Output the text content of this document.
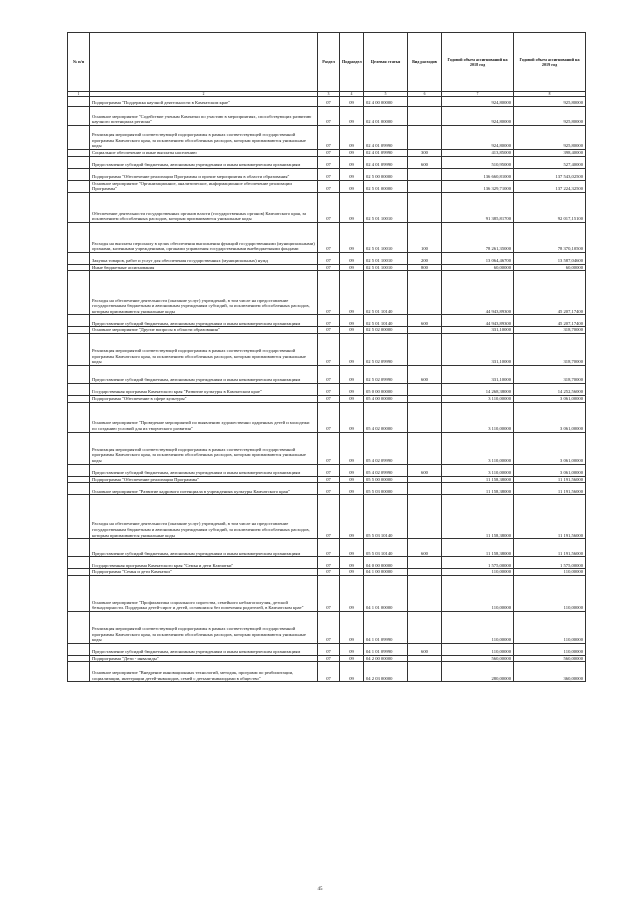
№ п/п		Раздел	Подраздел	Целевая статья	Вид расходов	Годовой объем ассигнований на 2018 год	Годовой объем ассигнований на 2019 год
1	2	3	4	5	6	7	8
	Подпрограмма "Поддержка научной деятельности в Камчатском крае"	07	09	02 4 00 00000		924,80000	925,80000
	Основное мероприятие "Содействие ученым Камчатки по участию в мероприятиях, способствующих развитию научного потенциала региона"	07	09	02 4 01 00000		924,80000	925,80000
	Реализация мероприятий соответствующей подпрограммы в рамках соответствующей государственной программы Камчатского края, за исключением обособленных расходов, которым присваиваются уникальные коды	07	09	02 4 01 09990		924,80000	925,80000
	Социальное обеспечение и иные выплаты населению	07	09	02 4 01 09990	300	413,85000	398,40000
	Предоставление субсидий бюджетным, автономным учреждениям и иным некоммерческим организациям	07	09	02 4 01 09990	600	510,95000	527,40000
	Подпрограмма "Обеспечение реализации Программы и прочие мероприятия в области образования"	07	09	02 5 00 00000		136 660,81000	137 543,02500
	Основное мероприятие "Организационное, аналитическое, информационное обеспечение реализации Программы"	07	09	02 5 01 00000		136 329,71000	137 224,32500
	Обеспечение деятельности государственных органов власти (государственных органов) Камчатского края, за исключением обособленных расходов, которым присваиваются уникальные коды	07	09	02 5 01 10010		91 385,81700	92 017,15100
	Расходы на выплаты персоналу в целях обеспечения выполнения функций государственными (муниципальными) органами, казенными учреждениями, органами управления государственными внебюджетными фондами	07	09	02 5 01 10010	100	78 261,35000	78 370,10500
	Закупка товаров, работ и услуг для обеспечения государственных (муниципальных) нужд	07	09	02 5 01 10010	200	13 064,46700	13 587,04600
	Иные бюджетные ассигнования	07	09	02 5 01 10010	800	60,00000	60,00000
	Расходы на обеспечение деятельности (оказание услуг) учреждений, в том числе на предоставление государственным бюджетным и автономным учреждениям субсидий, за исключением обособленных расходов, которым присваиваются уникальные коды	07	09	02 5 01 10140		44 943,89300	45 207,17400
	Предоставление субсидий бюджетным, автономным учреждениям и иным некоммерческим организациям	07	09	02 5 01 10140	600	44 943,89300	45 207,17400
	Основное мероприятие "Другие вопросы в области образования"	07	09	02 5 02 00000		331,10000	318,70000
	Реализация мероприятий соответствующей подпрограммы в рамках соответствующей государственной программы Камчатского края, за исключением обособленных расходов, которым присваиваются уникальные коды	07	09	02 5 02 09990		331,10000	318,70000
	Предоставление субсидий бюджетным, автономным учреждениям и иным некоммерческим организациям	07	09	02 5 02 09990	600	331,10000	318,70000
	Государственная программа Камчатского края "Развитие культуры в Камчатском крае"	07	09	05 0 00 00000		14 268,38000	14 252,56000
	Подпрограмма "Обеспечение в сфере культуры"	07	09	05 4 00 00000		3 110,00000	3 061,00000
	Основное мероприятие "Проведение мероприятий по выявлению художественно одаренных детей и молодежи по созданию условий для их творческого развития"	07	09	05 4 02 00000		3 110,00000	3 061,00000
	Реализация мероприятий соответствующей подпрограммы в рамках соответствующей государственной программы Камчатского края, за исключением обособленных расходов, которым присваиваются уникальные коды	07	09	05 4 02 09990		3 110,00000	3 061,00000
	Предоставление субсидий бюджетным, автономным учреждениям и иным некоммерческим организациям	07	09	05 4 02 09990	600	3 110,00000	3 061,00000
	Подпрограмма "Обеспечение реализации Программы"	07	09	05 5 00 00000		11 158,38000	11 191,56000
	Основное мероприятие "Развитие кадрового потенциала в учреждениях культуры Камчатского края"	07	09	05 5 03 00000		11 158,38000	11 191,56000
	Расходы на обеспечение деятельности (оказание услуг) учреждений, в том числе на предоставление государственным бюджетным и автономным учреждениям субсидий, за исключением обособленных расходов, которым присваиваются уникальные коды	07	09	05 5 03 10140		11 158,38000	11 191,56000
	Предоставление субсидий бюджетным, автономным учреждениям и иным некоммерческим организациям	07	09	05 5 03 10140	600	11 158,38000	11 191,56000
	Государственная программа Камчатского края "Семья и дети Камчатки"	07	09	04 0 00 00000		1 575,00000	1 575,00000
	Подпрограмма "Семья и дети Камчатки"	07	09	04 1 00 00000		110,00000	110,00000
	Основное мероприятие "Профилактика социального сиротства, семейного неблагополучия, детской безнадзорности. Поддержка детей-сирот и детей, оставшихся без попечения родителей, в Камчатском крае"	07	09	04 1 01 00000		110,00000	110,00000
	Реализация мероприятий соответствующей подпрограммы в рамках соответствующей государственной программы Камчатского края, за исключением обособленных расходов, которым присваиваются уникальные коды	07	09	04 1 01 09990		110,00000	110,00000
	Предоставление субсидий бюджетным, автономным учреждениям и иным некоммерческим организациям	07	09	04 1 01 09990	600	110,00000	110,00000
	Подпрограмма "Дети - инвалиды"	07	09	04 2 00 00000		560,00000	560,00000
	Основное мероприятие "Внедрение инновационных технологий, методик, программ по реабилитации, социализации, интеграции детей-инвалидов, семей с детьми-инвалидами в общество"	07	09	04 2 03 00000		280,00000	360,00000
45
